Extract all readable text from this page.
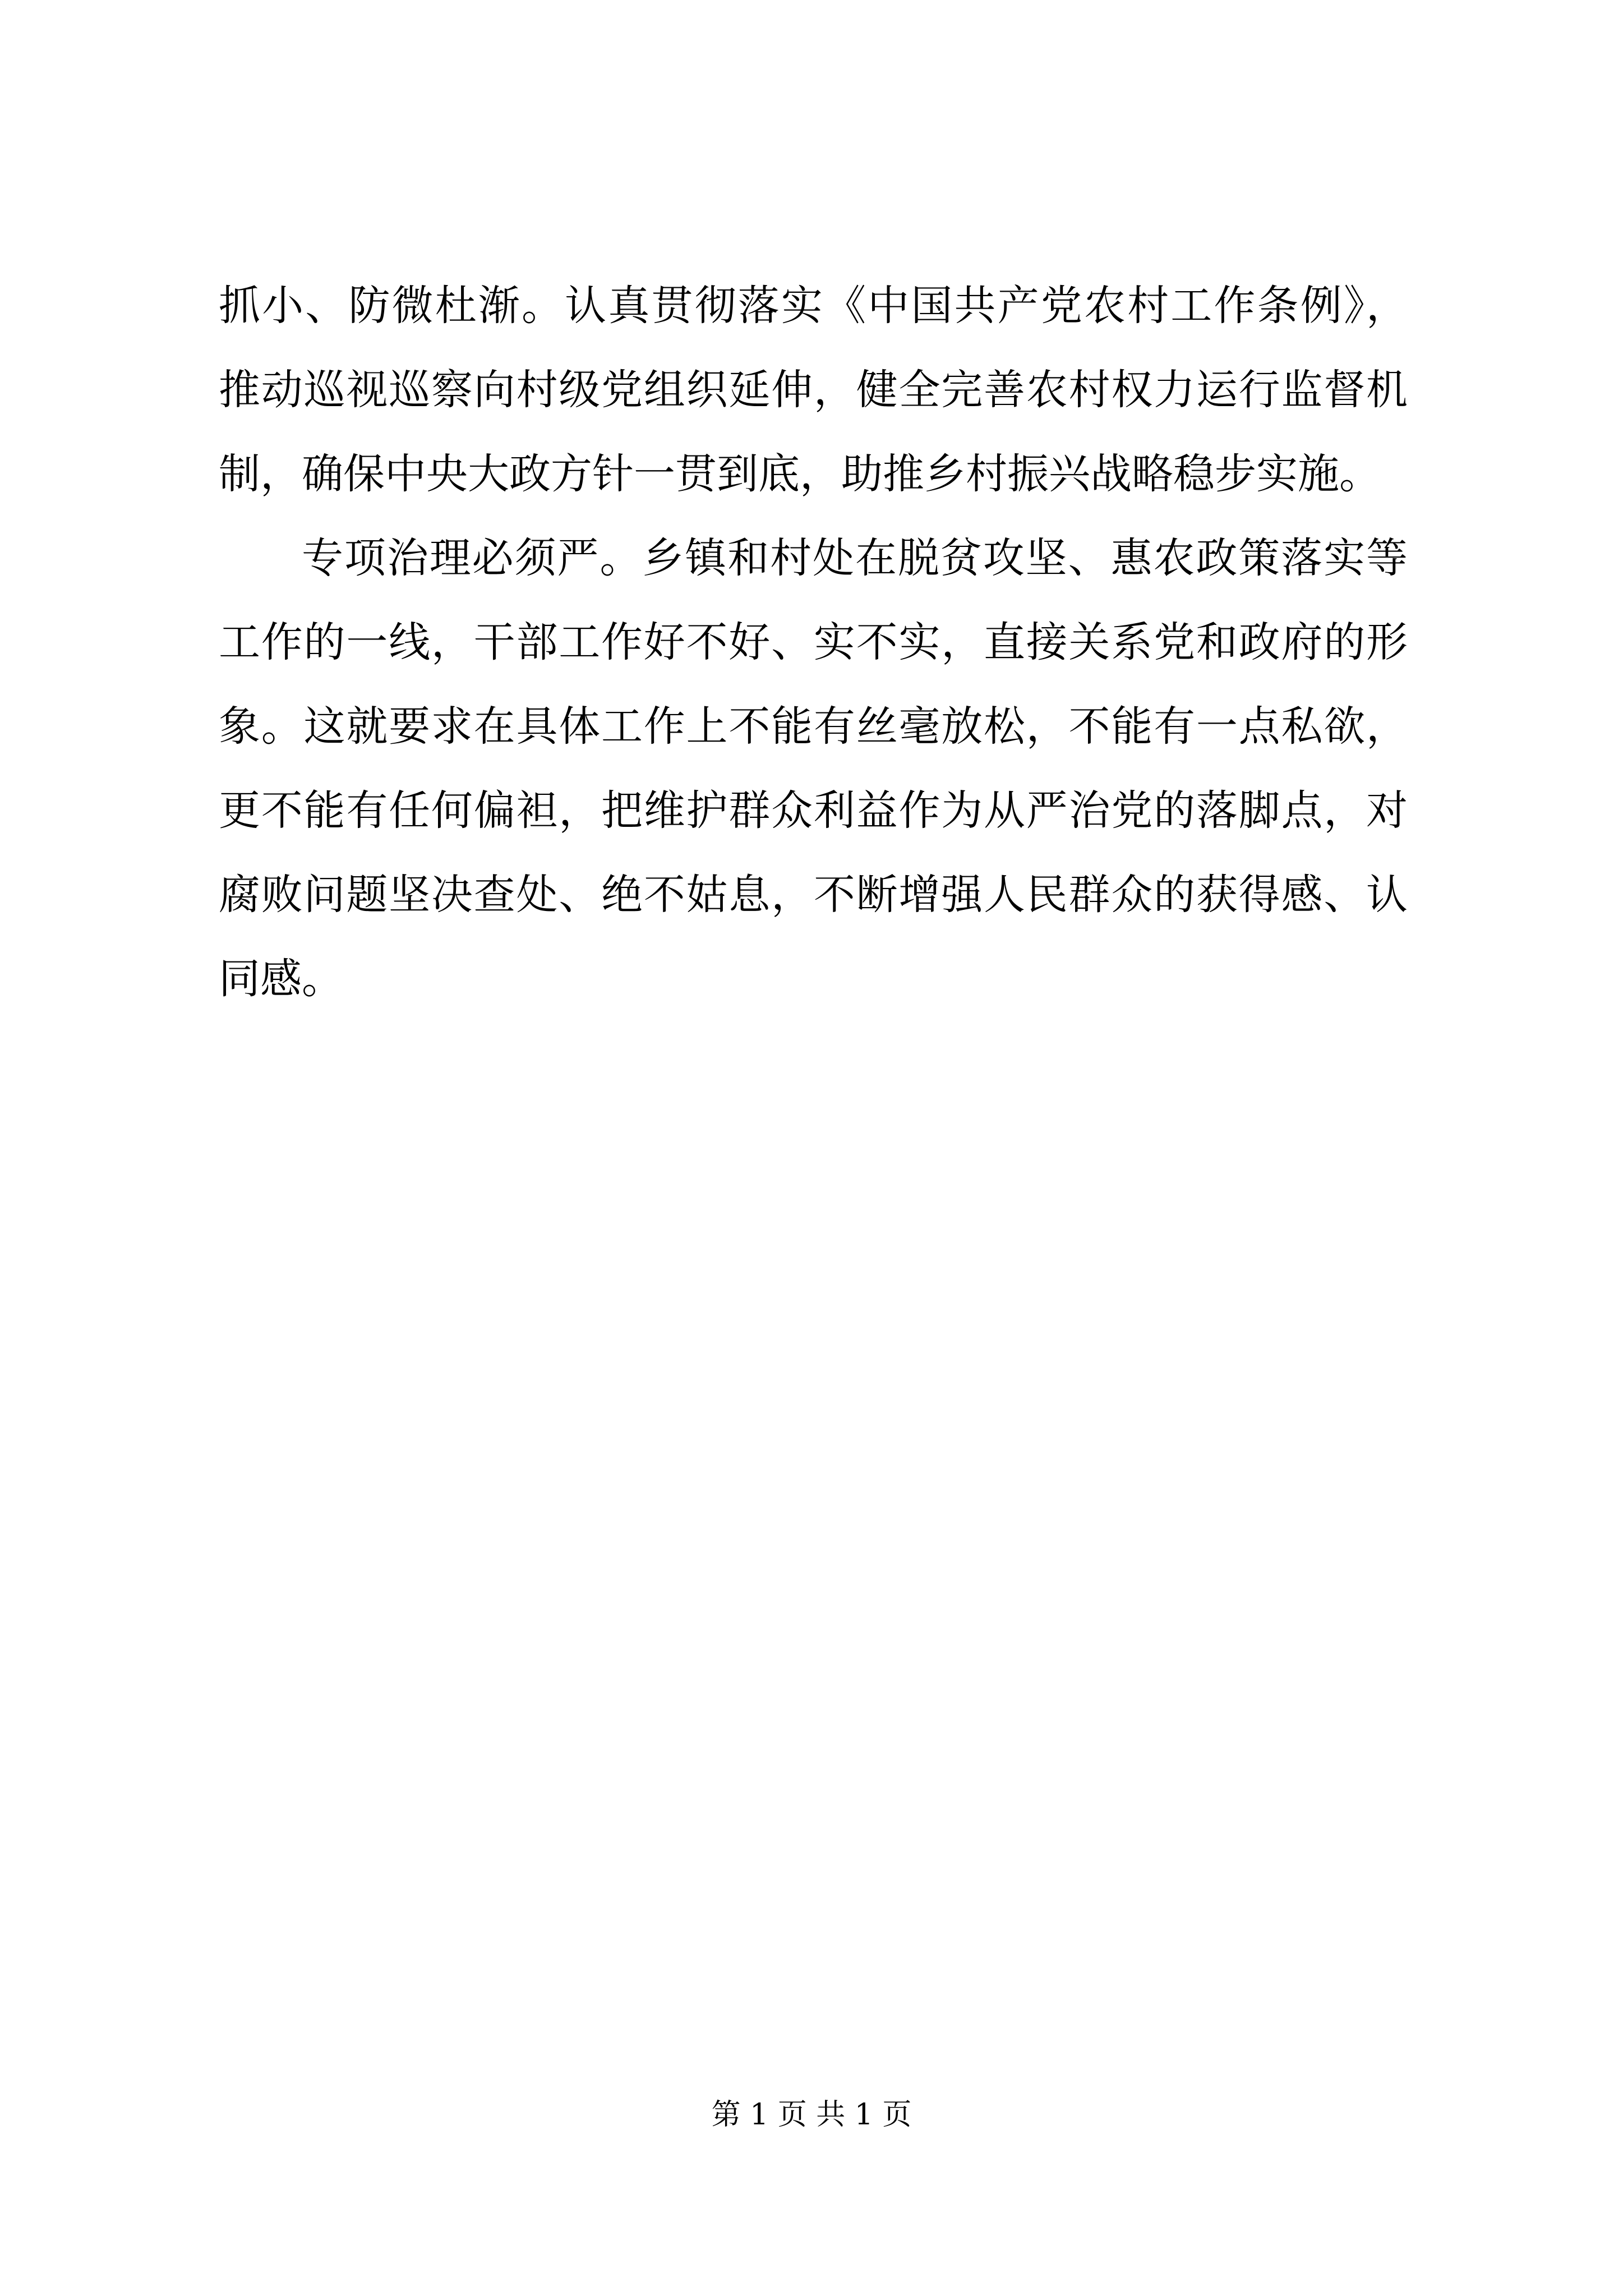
抓小、防微杜渐。认真贯彻落实《中国共产党农村工作条例》，
推动巡视巡察向村级党组织延伸，健全完善农村权力运行监督机
制，确保中央大政方针一贯到底，助推乡村振兴战略稳步实施。
专项治理必须严。乡镇和村处在脱贫攻坚、惠农政策落实等
工作的一线，干部工作好不好、实不实，直接关系党和政府的形
象。这就要求在具体工作上不能有丝毫放松，不能有一点私欲，
更不能有任何偏袒，把维护群众利益作为从严治党的落脚点，对
腐败问题坚决查处、绝不姑息，不断增强人民群众的获得感、认
同感。
第 1 页 共 1 页
